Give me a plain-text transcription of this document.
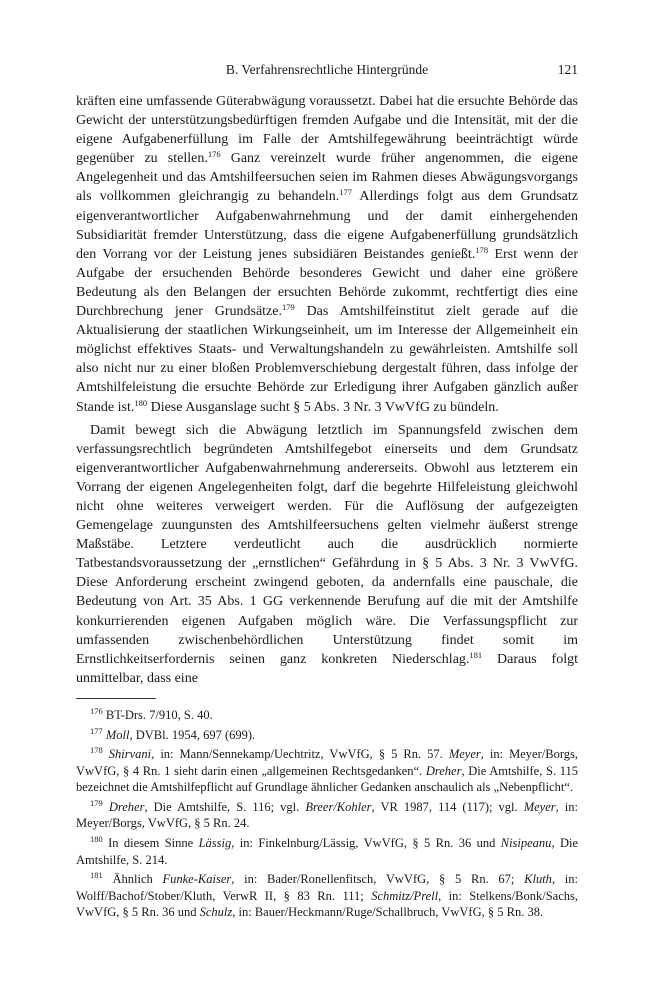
B. Verfahrensrechtliche Hintergründe	121

kräften eine umfassende Güterabwägung voraussetzt. Dabei hat die ersuchte Behörde das Gewicht der unterstützungsbedürftigen fremden Aufgabe und die Intensität, mit der die eigene Aufgabenerfüllung im Falle der Amtshilfegewährung beeinträchtigt würde gegenüber zu stellen.$^{176}$ Ganz vereinzelt wurde früher angenommen, die eigene Angelegenheit und das Amtshilfeersuchen seien im Rahmen dieses Abwägungsvorgangs als vollkommen gleichrangig zu behandeln.$^{177}$ Allerdings folgt aus dem Grundsatz eigenverantwortlicher Aufgabenwahrnehmung und der damit einhergehenden Subsidiarität fremder Unterstützung, dass die eigene Aufgabenerfüllung grundsätzlich den Vorrang vor der Leistung jenes subsidiären Beistandes genießt.$^{178}$ Erst wenn der Aufgabe der ersuchenden Behörde besonderes Gewicht und daher eine größere Bedeutung als den Belangen der ersuchten Behörde zukommt, rechtfertigt dies eine Durchbrechung jener Grundsätze.$^{179}$ Das Amtshilfeinstitut zielt gerade auf die Aktualisierung der staatlichen Wirkungseinheit, um im Interesse der Allgemeinheit ein möglichst effektives Staats- und Verwaltungshandeln zu gewährleisten. Amtshilfe soll also nicht nur zu einer bloßen Problemverschiebung dergestalt führen, dass infolge der Amtshilfeleistung die ersuchte Behörde zur Erledigung ihrer Aufgaben gänzlich außer Stande ist.$^{180}$ Diese Ausganslage sucht § 5 Abs. 3 Nr. 3 VwVfG zu bündeln.

Damit bewegt sich die Abwägung letztlich im Spannungsfeld zwischen dem verfassungsrechtlich begründeten Amtshilfegebot einerseits und dem Grundsatz eigenverantwortlicher Aufgabenwahrnehmung andererseits. Obwohl aus letzterem ein Vorrang der eigenen Angelegenheiten folgt, darf die begehrte Hilfeleistung gleichwohl nicht ohne weiteres verweigert werden. Für die Auflösung der aufgezeigten Gemengelage zuungunsten des Amtshilfeersuchens gelten vielmehr äußerst strenge Maßstäbe. Letztere verdeutlicht auch die ausdrücklich normierte Tatbestandsvoraussetzung der „ernstlichen“ Gefährdung in § 5 Abs. 3 Nr. 3 VwVfG. Diese Anforderung erscheint zwingend geboten, da andernfalls eine pauschale, die Bedeutung von Art. 35 Abs. 1 GG verkennende Berufung auf die mit der Amtshilfe konkurrierenden eigenen Aufgaben möglich wäre. Die Verfassungspflicht zur umfassenden zwischenbehördlichen Unterstützung findet somit im Ernstlichkeitserfordernis seinen ganz konkreten Niederschlag.$^{181}$ Daraus folgt unmittelbar, dass eine

$^{176}$ BT-Drs. 7/910, S. 40.

$^{177}$ Moll, DVBl. 1954, 697 (699).

$^{178}$ Shirvani, in: Mann/Sennekamp/Uechtritz, VwVfG, § 5 Rn. 57. Meyer, in: Meyer/Borgs, VwVfG, § 4 Rn. 1 sieht darin einen „allgemeinen Rechtsgedanken“. Dreher, Die Amtshilfe, S. 115 bezeichnet die Amtshilfepflicht auf Grundlage ähnlicher Gedanken anschaulich als „Nebenpflicht“.

$^{179}$ Dreher, Die Amtshilfe, S. 116; vgl. Breer/Kohler, VR 1987, 114 (117); vgl. Meyer, in: Meyer/Borgs, VwVfG, § 5 Rn. 24.

$^{180}$ In diesem Sinne Lässig, in: Finkelnburg/Lässig, VwVfG, § 5 Rn. 36 und Nisipeanu, Die Amtshilfe, S. 214.

$^{181}$ Ähnlich Funke-Kaiser, in: Bader/Ronellenfitsch, VwVfG, § 5 Rn. 67; Kluth, in: Wolff/Bachof/Stober/Kluth, VerwR II, § 83 Rn. 111; Schmitz/Prell, in: Stelkens/Bonk/Sachs, VwVfG, § 5 Rn. 36 und Schulz, in: Bauer/Heckmann/Ruge/Schallbruch, VwVfG, § 5 Rn. 38.
